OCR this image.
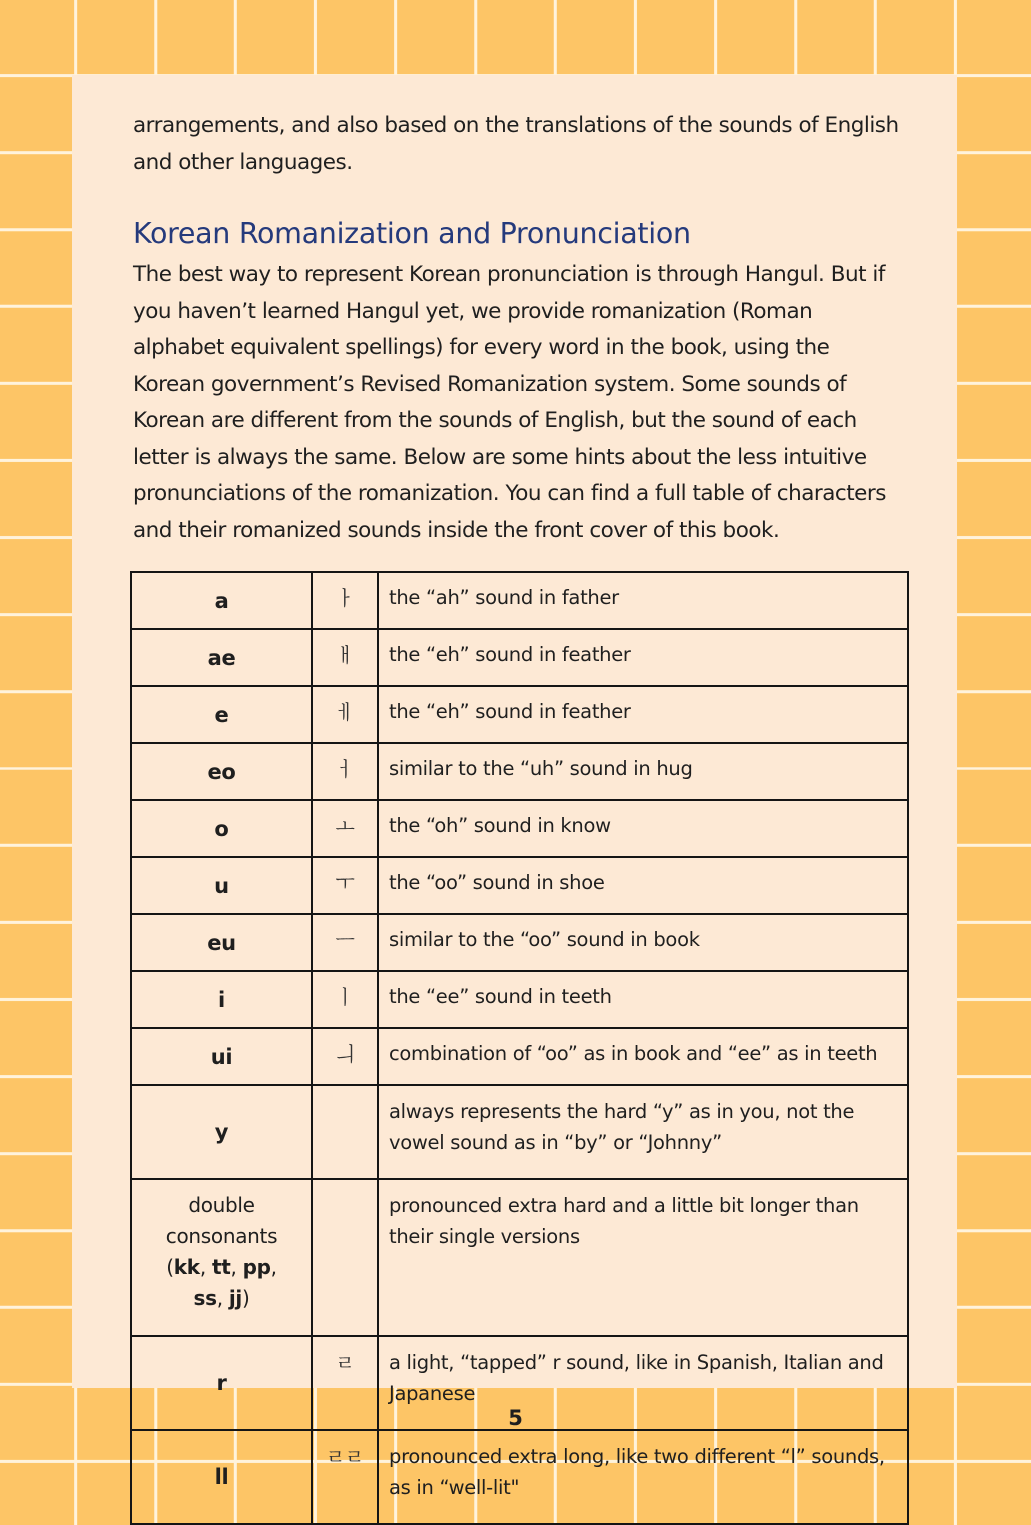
arrangements, and also based on the translations of the sounds of English and other languages.
Korean Romanization and Pronunciation
The best way to represent Korean pronunciation is through Hangul. But if you haven’t learned Hangul yet, we provide romanization (Roman alphabet equivalent spellings) for every word in the book, using the Korean government’s Revised Romanization system. Some sounds of Korean are different from the sounds of English, but the sound of each letter is always the same. Below are some hints about the less intuitive pronunciations of the romanization. You can find a full table of characters and their romanized sounds inside the front cover of this book.
a	ㅏ	the “ah” sound in father
ae	ㅐ	the “eh” sound in feather
e	ㅔ	the “eh” sound in feather
eo	ㅓ	similar to the “uh” sound in hug
o	ㅗ	the “oh” sound in know
u	ㅜ	the “oo” sound in shoe
eu	ㅡ	similar to the “oo” sound in book
i	ㅣ	the “ee” sound in teeth
ui	ㅢ	combination of “oo” as in book and “ee” as in teeth
y		always represents the hard “y” as in you, not the vowel sound as in “by” or “Johnny”
double consonants
(kk, tt, pp,
ss, jj)		pronounced extra hard and a little bit longer than their single versions
r	ㄹ	a light, “tapped” r sound, like in Spanish, Italian and Japanese
ll	ㄹㄹ	pronounced extra long, like two different “l” sounds, as in “well-lit"
5
